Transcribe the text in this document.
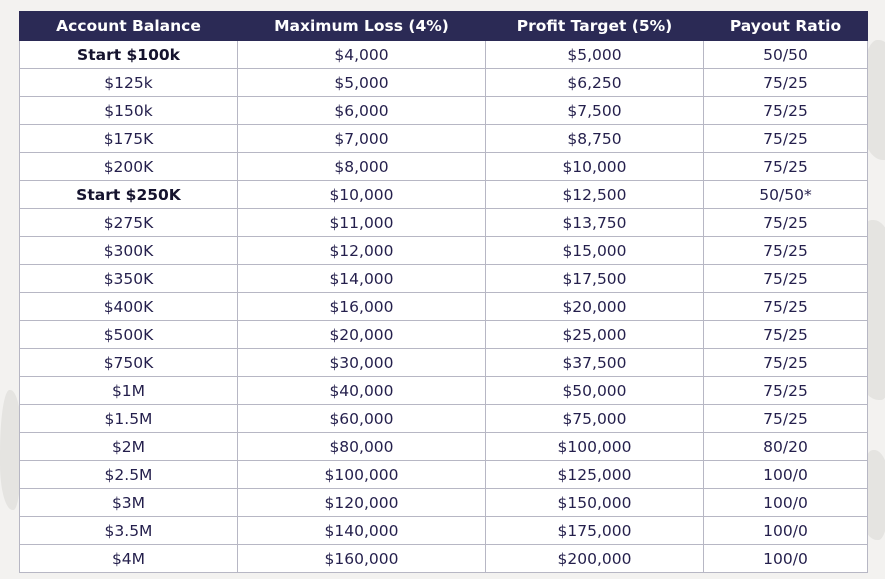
Account Balance	Maximum Loss (4%)	Profit Target (5%)	Payout Ratio
Start $100k	$4,000	$5,000	50/50
$125k	$5,000	$6,250	75/25
$150k	$6,000	$7,500	75/25
$175K	$7,000	$8,750	75/25
$200K	$8,000	$10,000	75/25
Start $250K	$10,000	$12,500	50/50*
$275K	$11,000	$13,750	75/25
$300K	$12,000	$15,000	75/25
$350K	$14,000	$17,500	75/25
$400K	$16,000	$20,000	75/25
$500K	$20,000	$25,000	75/25
$750K	$30,000	$37,500	75/25
$1M	$40,000	$50,000	75/25
$1.5M	$60,000	$75,000	75/25
$2M	$80,000	$100,000	80/20
$2.5M	$100,000	$125,000	100/0
$3M	$120,000	$150,000	100/0
$3.5M	$140,000	$175,000	100/0
$4M	$160,000	$200,000	100/0
